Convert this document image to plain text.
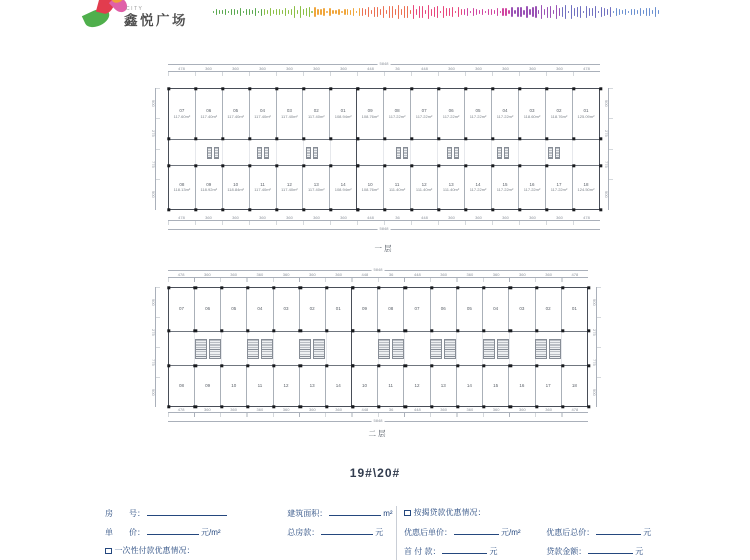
CITY
鑫悦广场
5848
478	360	360	360	360	360	360	448	36	448	360	360	360	360	360	478
07
117.60m²
06
117.40m²
05
117.40m²
04
117.40m²
03
117.40m²
02
117.40m²
01
108.94m²
08
118.13m²
09
118.92m²
10
118.84m²
11
117.40m²
12
117.40m²
13
117.40m²
14
108.94m²
09
108.76m²
08
117.22m²
07
117.22m²
06
117.22m²
05
117.22m²
04
117.22m²
03
118.60m²
02
118.76m²
01
125.09m²
10
108.76m²
11
111.40m²
12
111.40m²
13
111.40m²
14
117.22m²
15
117.22m²
16
117.22m²
17
117.22m²
18
124.50m²
900
275
775
900
900
275
775
900
478	360	360	360	360	360	360	448	36	448	360	360	360	360	360	478
5848
一层
5848
478	360	360	360	360	360	360	448	36	448	360	360	360	360	360	478
07	06	05	04	03	02	01
08	09	10	11	12	13	14
09	08	07	06	05	04	03	02	01
10	11	12	13	14	15	16	17	18
900
275
775
900
900
275
775
900
478	360	360	360	360	360	360	448	36	448	360	360	360	360	360	478
5848
二层
19#\20#
房　　号：	建筑面积：	m²
单　　价：	元/m²	总房款：	元
一次性付款优惠情况：
按揭贷款优惠情况：
优惠后单价：	元/m²	优惠后总价：	元
首 付 款：	元	贷款金额：	元
